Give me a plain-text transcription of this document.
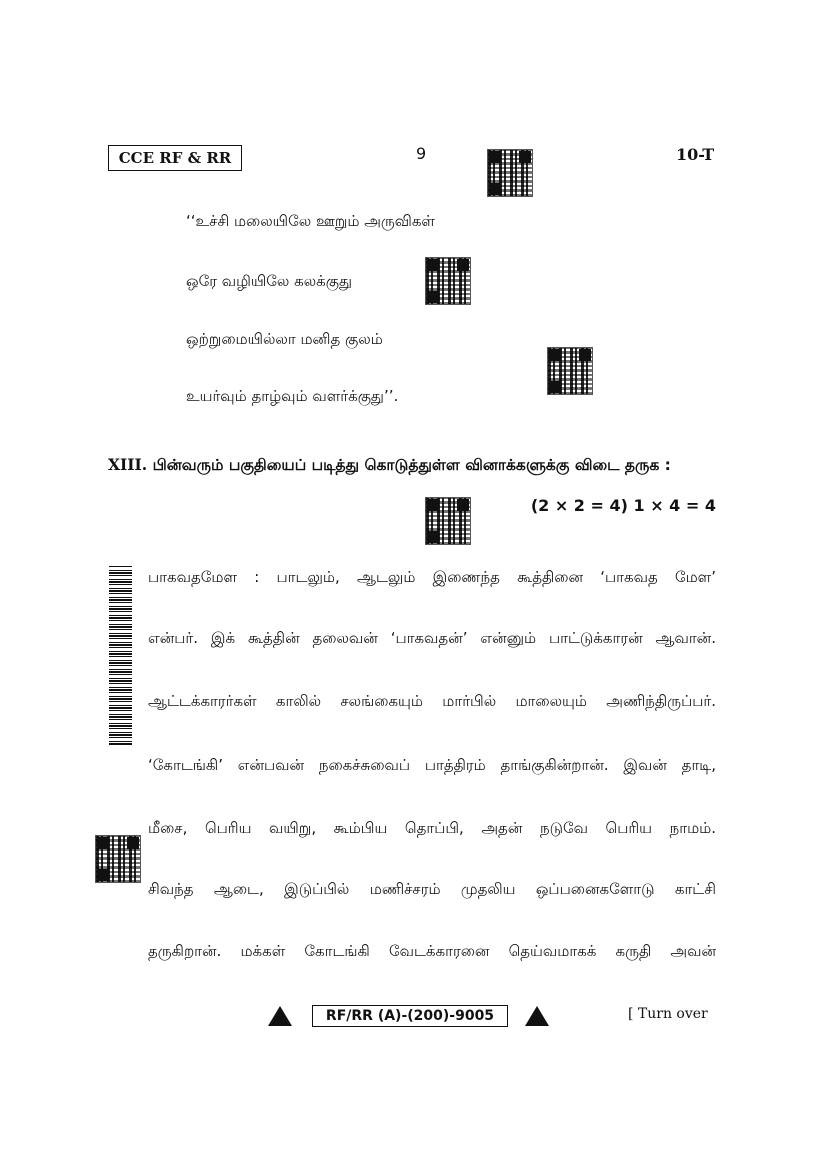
CCE RF & RR	9	10-T
‘‘உச்சி மலையிலே ஊறும் அருவிகள்
ஒரே வழியிலே கலக்குது
ஒற்றுமையில்லா மனித குலம்
உயர்வும் தாழ்வும் வளர்க்குது’’.
XIII. பின்வரும் பகுதியைப் படித்து கொடுத்துள்ள வினாக்களுக்கு விடை தருக :
(2 × 2 = 4) 1 × 4 = 4
பாகவதமேள : பாடலும், ஆடலும் இணைந்த கூத்தினை ‘பாகவத மேள’
என்பர். இக் கூத்தின் தலைவன் ‘பாகவதன்’ என்னும் பாட்டுக்காரன் ஆவான்.
ஆட்டக்காரர்கள் காலில் சலங்கையும் மார்பில் மாலையும் அணிந்திருப்பர்.
‘கோடங்கி’ என்பவன் நகைச்சுவைப் பாத்திரம் தாங்குகின்றான். இவன் தாடி,
மீசை, பெரிய வயிறு, கூம்பிய தொப்பி, அதன் நடுவே பெரிய நாமம்.
சிவந்த ஆடை, இடுப்பில் மணிச்சரம் முதலிய ஒப்பனைகளோடு காட்சி
தருகிறான். மக்கள் கோடங்கி வேடக்காரனை தெய்வமாகக் கருதி அவன்
RF/RR (A)-(200)-9005	[ Turn over
